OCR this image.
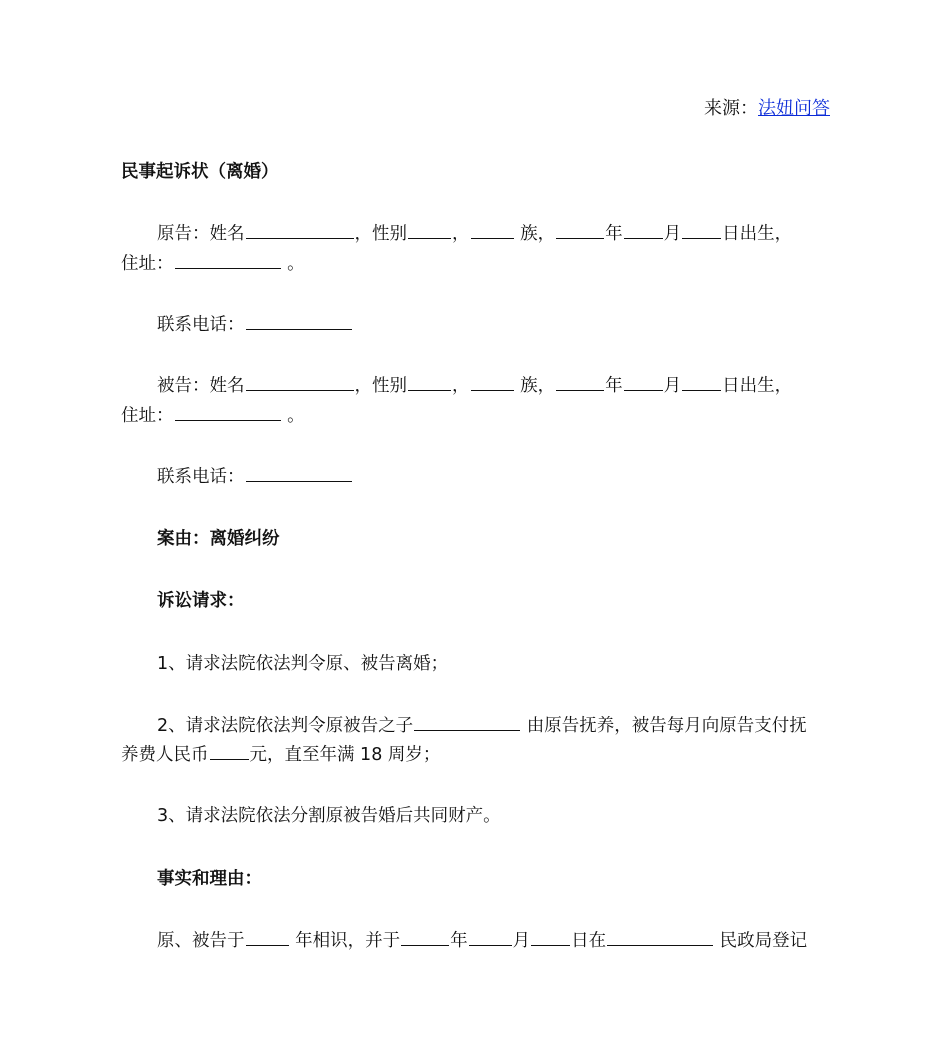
来源：法妞问答
民事起诉状（离婚）
原告：姓名	，性别	，	族，	年 月 日出生，
住址：	。
联系电话：
被告：姓名	，性别	，	族，	年 月 日出生，
住址：	。
联系电话：
案由：离婚纠纷
诉讼请求：
1、请求法院依法判令原、被告离婚；
2、请求法院依法判令原被告之子	由原告抚养，被告每月向原告支付抚
养费人民币 元，直至年满 18 周岁；
3、请求法院依法分割原被告婚后共同财产。
事实和理由：
原、被告于	年相识，并于	年	月 日在	民政局登记
